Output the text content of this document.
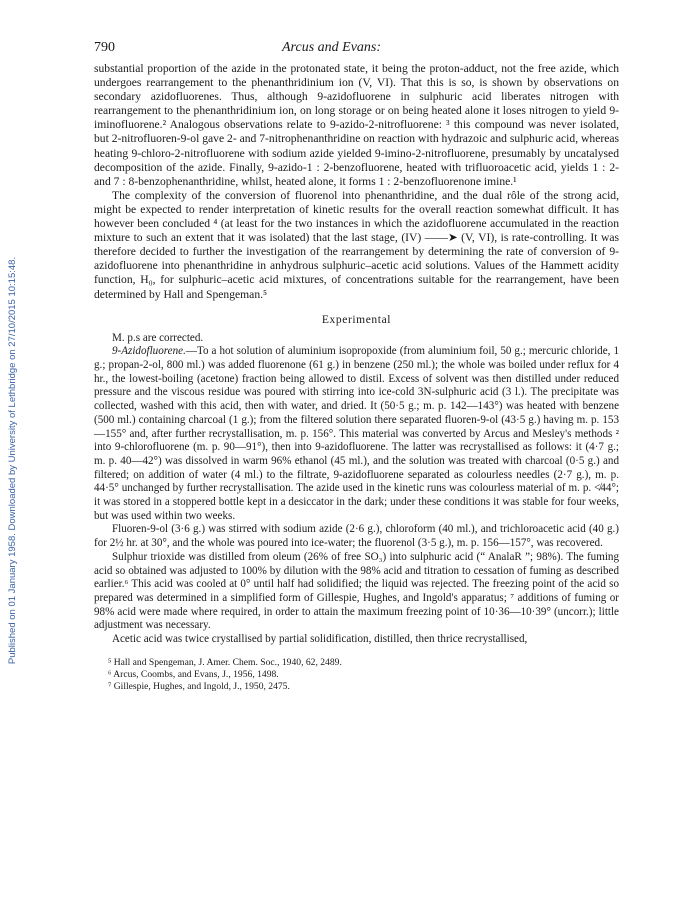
Published on 01 January 1958. Downloaded by University of Lethbridge on 27/10/2015 10:15:48.
790	Arcus and Evans:

substantial proportion of the azide in the protonated state, it being the proton-adduct, not the free azide, which undergoes rearrangement to the phenanthridinium ion (V, VI). That this is so, is shown by observations on secondary azidofluorenes. Thus, although 9-azidofluorene in sulphuric acid liberates nitrogen with rearrangement to the phenanthridinium ion, on long storage or on being heated alone it loses nitrogen to yield 9-iminofluorene.² Analogous observations relate to 9-azido-2-nitrofluorene: ³ this compound was never isolated, but 2-nitrofluoren-9-ol gave 2- and 7-nitrophenanthridine on reaction with hydrazoic and sulphuric acid, whereas heating 9-chloro-2-nitrofluorene with sodium azide yielded 9-imino-2-nitrofluorene, presumably by uncatalysed decomposition of the azide. Finally, 9-azido-1 : 2-benzofluorene, heated with trifluoroacetic acid, yields 1 : 2- and 7 : 8-benzophenanthridine, whilst, heated alone, it forms 1 : 2-benzofluorenone imine.¹

The complexity of the conversion of fluorenol into phenanthridine, and the dual rôle of the strong acid, might be expected to render interpretation of kinetic results for the overall reaction somewhat difficult. It has however been concluded ⁴ (at least for the two instances in which the azidofluorene accumulated in the reaction mixture to such an extent that it was isolated) that the last stage, (IV) ——➤ (V, VI), is rate-controlling. It was therefore decided to further the investigation of the rearrangement by determining the rate of conversion of 9-azidofluorene into phenanthridine in anhydrous sulphuric–acetic acid solutions. Values of the Hammett acidity function, H₀, for sulphuric–acetic acid mixtures, of concentrations suitable for the rearrangement, have been determined by Hall and Spengeman.⁵

Experimental

M. p.s are corrected.

9-Azidofluorene.—To a hot solution of aluminium isopropoxide (from aluminium foil, 50 g.; mercuric chloride, 1 g.; propan-2-ol, 800 ml.) was added fluorenone (61 g.) in benzene (250 ml.); the whole was boiled under reflux for 4 hr., the lowest-boiling (acetone) fraction being allowed to distil. Excess of solvent was then distilled under reduced pressure and the viscous residue was poured with stirring into ice-cold 3N-sulphuric acid (3 l.). The precipitate was collected, washed with this acid, then with water, and dried. It (50·5 g.; m. p. 142—143°) was heated with benzene (500 ml.) containing charcoal (1 g.); from the filtered solution there separated fluoren-9-ol (43·5 g.) having m. p. 153—155° and, after further recrystallisation, m. p. 156°. This material was converted by Arcus and Mesley's methods ² into 9-chlorofluorene (m. p. 90—91°), then into 9-azidofluorene. The latter was recrystallised as follows: it (4·7 g.; m. p. 40—42°) was dissolved in warm 96% ethanol (45 ml.), and the solution was treated with charcoal (0·5 g.) and filtered; on addition of water (4 ml.) to the filtrate, 9-azidofluorene separated as colourless needles (2·7 g.), m. p. 44·5° unchanged by further recrystallisation. The azide used in the kinetic runs was colourless material of m. p. ≮44°; it was stored in a stoppered bottle kept in a desiccator in the dark; under these conditions it was stable for four weeks, but was used within two weeks.

Fluoren-9-ol (3·6 g.) was stirred with sodium azide (2·6 g.), chloroform (40 ml.), and trichloroacetic acid (40 g.) for 2½ hr. at 30°, and the whole was poured into ice-water; the fluorenol (3·5 g.), m. p. 156—157°, was recovered.

Sulphur trioxide was distilled from oleum (26% of free SO₃) into sulphuric acid (“ AnalaR ”; 98%). The fuming acid so obtained was adjusted to 100% by dilution with the 98% acid and titration to cessation of fuming as described earlier.⁶ This acid was cooled at 0° until half had solidified; the liquid was rejected. The freezing point of the acid so prepared was determined in a simplified form of Gillespie, Hughes, and Ingold's apparatus; ⁷ additions of fuming or 98% acid were made where required, in order to attain the maximum freezing point of 10·36—10·39° (uncorr.); little adjustment was necessary.

Acetic acid was twice crystallised by partial solidification, distilled, then thrice recrystallised,

⁵ Hall and Spengeman, J. Amer. Chem. Soc., 1940, 62, 2489.
⁶ Arcus, Coombs, and Evans, J., 1956, 1498.
⁷ Gillespie, Hughes, and Ingold, J., 1950, 2475.
